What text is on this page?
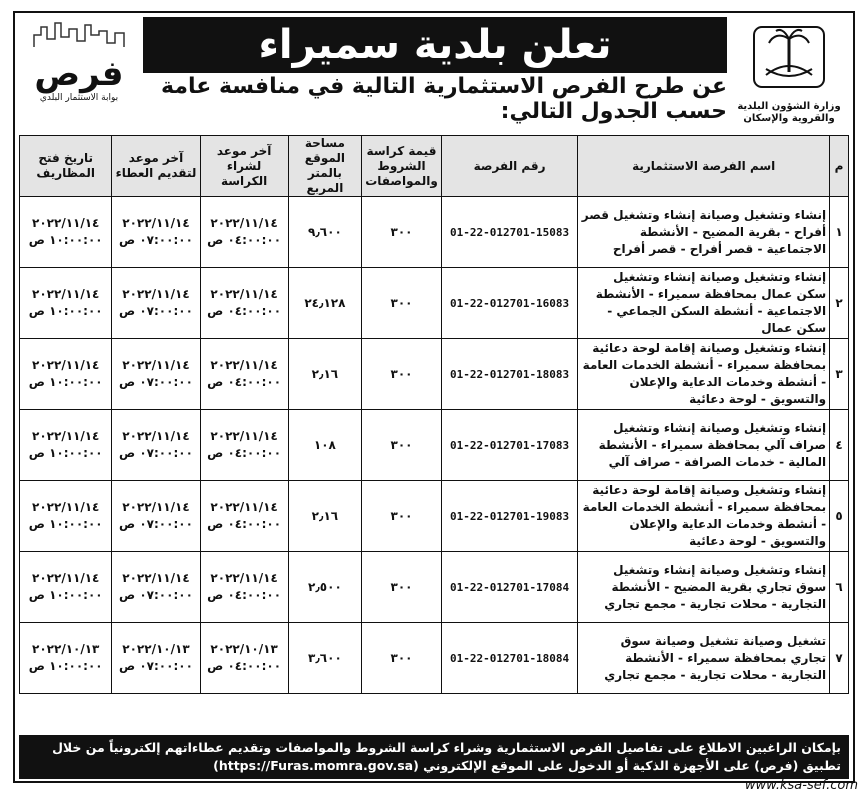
وزارة الشؤون البلدية والقروية والإسكان
تعلن بلدية سميراء
عن طرح الفرص الاستثمارية التالية في منافسة عامة حسب الجدول التالي:
فرص
بوابة الاستثمار البلدي
م	اسم الفرصة الاستثمارية	رقم الفرصة	قيمة كراسة الشروط والمواصفات	مساحة الموقع بالمتر المربع	آخر موعد لشراء الكراسة	آخر موعد لتقديم العطاء	تاريخ فتح المظاريف
١	إنشاء وتشغيل وصيانة إنشاء وتشغيل قصر أفراح - بقرية المضيح - الأنشطة الاجتماعية - قصر أفراح - قصر أفراح	01-22-012701-15083	٣٠٠	٩٫٦٠٠	٢٠٢٢/١١/١٤ ٠٤:٠٠:٠٠ ص	٢٠٢٢/١١/١٤ ٠٧:٠٠:٠٠ ص	٢٠٢٢/١١/١٤ ١٠:٠٠:٠٠ ص
٢	إنشاء وتشغيل وصيانة إنشاء وتشغيل سكن عمال بمحافظة سميراء - الأنشطة الاجتماعية - أنشطة السكن الجماعي - سكن عمال	01-22-012701-16083	٣٠٠	٢٤٫١٢٨	٢٠٢٢/١١/١٤ ٠٤:٠٠:٠٠ ص	٢٠٢٢/١١/١٤ ٠٧:٠٠:٠٠ ص	٢٠٢٢/١١/١٤ ١٠:٠٠:٠٠ ص
٣	إنشاء وتشغيل وصيانة إقامة لوحة دعائية بمحافظة سميراء - أنشطة الخدمات العامة - أنشطة وخدمات الدعاية والإعلان والتسويق - لوحة دعائية	01-22-012701-18083	٣٠٠	٢٫١٦	٢٠٢٢/١١/١٤ ٠٤:٠٠:٠٠ ص	٢٠٢٢/١١/١٤ ٠٧:٠٠:٠٠ ص	٢٠٢٢/١١/١٤ ١٠:٠٠:٠٠ ص
٤	إنشاء وتشغيل وصيانة إنشاء وتشغيل صراف آلي بمحافظة سميراء - الأنشطة المالية - خدمات الصرافة - صراف آلي	01-22-012701-17083	٣٠٠	١٠٨	٢٠٢٢/١١/١٤ ٠٤:٠٠:٠٠ ص	٢٠٢٢/١١/١٤ ٠٧:٠٠:٠٠ ص	٢٠٢٢/١١/١٤ ١٠:٠٠:٠٠ ص
٥	إنشاء وتشغيل وصيانة إقامة لوحة دعائية بمحافظة سميراء - أنشطة الخدمات العامة - أنشطة وخدمات الدعاية والإعلان والتسويق - لوحة دعائية	01-22-012701-19083	٣٠٠	٢٫١٦	٢٠٢٢/١١/١٤ ٠٤:٠٠:٠٠ ص	٢٠٢٢/١١/١٤ ٠٧:٠٠:٠٠ ص	٢٠٢٢/١١/١٤ ١٠:٠٠:٠٠ ص
٦	إنشاء وتشغيل وصيانة إنشاء وتشغيل سوق تجاري بقرية المضيح - الأنشطة التجارية - محلات تجارية - مجمع تجاري	01-22-012701-17084	٣٠٠	٢٫٥٠٠	٢٠٢٢/١١/١٤ ٠٤:٠٠:٠٠ ص	٢٠٢٢/١١/١٤ ٠٧:٠٠:٠٠ ص	٢٠٢٢/١١/١٤ ١٠:٠٠:٠٠ ص
٧	تشغيل وصيانة تشغيل وصيانة سوق تجاري بمحافظة سميراء - الأنشطة التجارية - محلات تجارية - مجمع تجاري	01-22-012701-18084	٣٠٠	٣٫٦٠٠	٢٠٢٢/١٠/١٣ ٠٤:٠٠:٠٠ ص	٢٠٢٢/١٠/١٣ ٠٧:٠٠:٠٠ ص	٢٠٢٢/١٠/١٣ ١٠:٠٠:٠٠ ص
بإمكان الراغبين الاطلاع على تفاصيل الفرص الاستثمارية وشراء كراسة الشروط والمواصفات وتقديم عطاءاتهم إلكترونياً من خلال
تطبيق (فرص) على الأجهزة الذكية أو الدخول على الموقع الإلكتروني (https://Furas.momra.gov.sa)
www.ksa-sef.com
